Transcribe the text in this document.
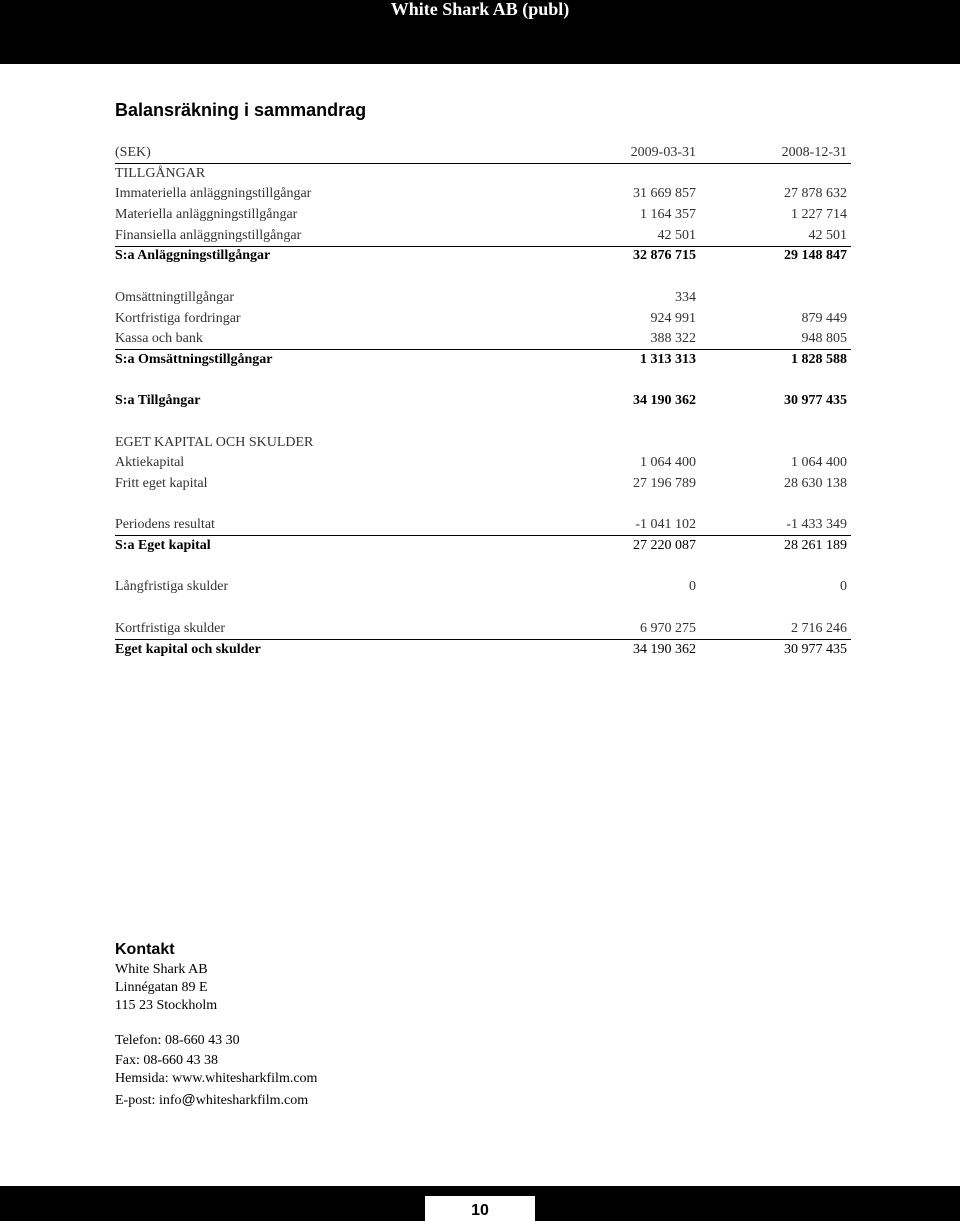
White Shark AB (publ)
Balansräkning i sammandrag
(SEK)	2009-03-31	2008-12-31
TILLGÅNGAR
Immateriella anläggningstillgångar	31 669 857	27 878 632
Materiella anläggningstillgångar	1 164 357	1 227 714
Finansiella anläggningstillgångar	42 501	42 501
S:a Anläggningstillgångar	32 876 715	29 148 847
Omsättningtillgångar	334
Kortfristiga fordringar	924 991	879 449
Kassa och bank	388 322	948 805
S:a Omsättningstillgångar	1 313 313	1 828 588
S:a Tillgångar	34 190 362	30 977 435
EGET KAPITAL OCH SKULDER
Aktiekapital	1 064 400	1 064 400
Fritt eget kapital	27 196 789	28 630 138
Periodens resultat	-1 041 102	-1 433 349
S:a Eget kapital	27 220 087	28 261 189
Långfristiga skulder	0	0
Kortfristiga skulder	6 970 275	2 716 246
Eget kapital och skulder	34 190 362	30 977 435
Kontakt
White Shark AB
Linnégatan 89 E
115 23 Stockholm
Telefon: 08-660 43 30
Fax: 08-660 43 38
Hemsida: www.whitesharkfilm.com
E-post: info@whitesharkfilm.com
10
